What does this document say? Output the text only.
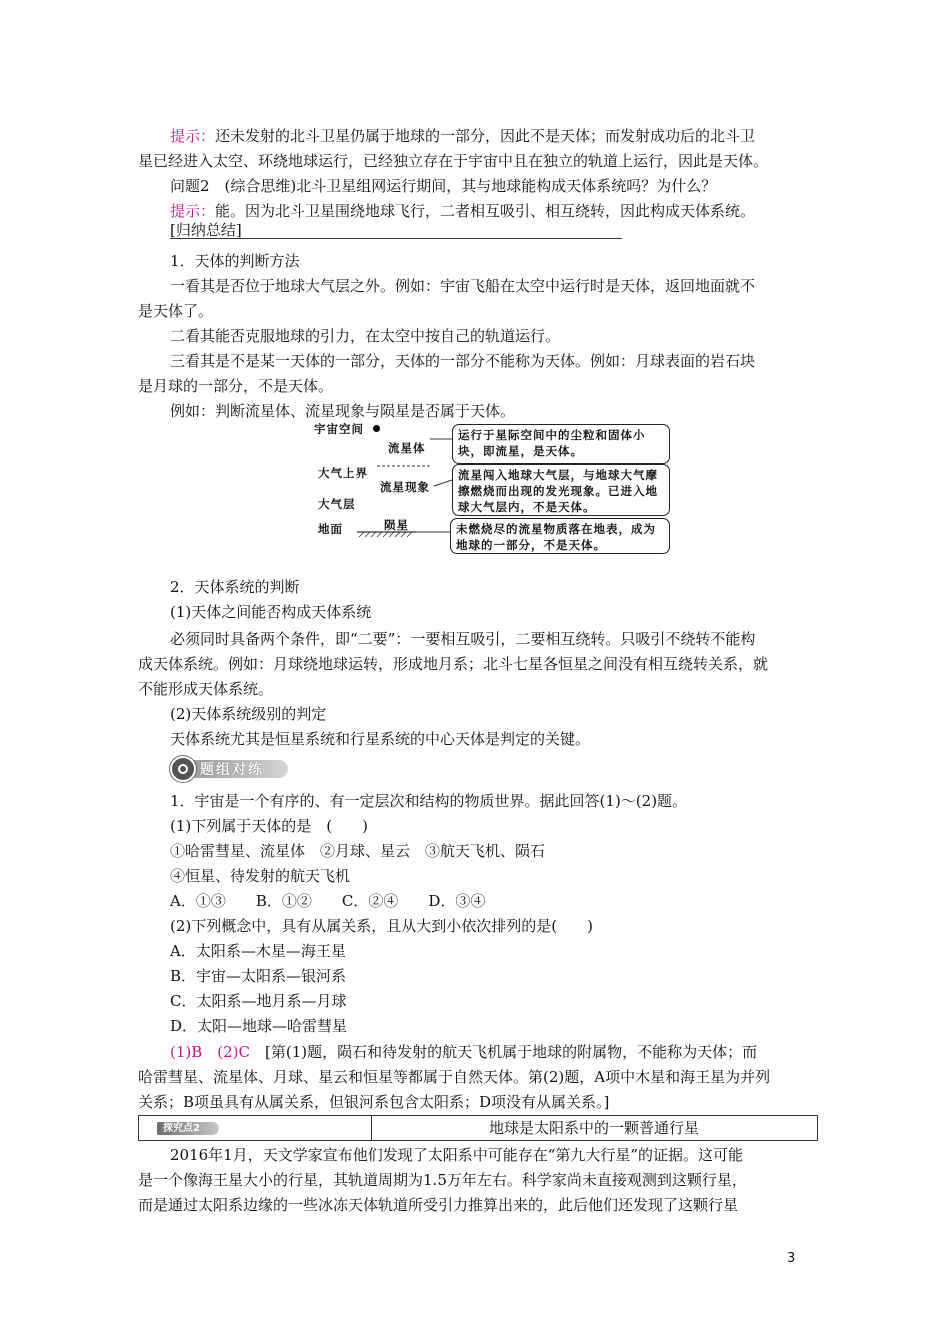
提示：还未发射的北斗卫星仍属于地球的一部分，因此不是天体；而发射成功后的北斗卫
星已经进入太空、环绕地球运行，已经独立存在于宇宙中且在独立的轨道上运行，因此是天体。
问题2　(综合思维)北斗卫星组网运行期间，其与地球能构成天体系统吗？为什么？
提示：能。因为北斗卫星围绕地球飞行，二者相互吸引、相互绕转，因此构成天体系统。
[归纳总结]
1．天体的判断方法
一看其是否位于地球大气层之外。例如：宇宙飞船在太空中运行时是天体，返回地面就不
是天体了。
二看其能否克服地球的引力，在太空中按自己的轨道运行。
三看其是不是某一天体的一部分，天体的一部分不能称为天体。例如：月球表面的岩石块
是月球的一部分，不是天体。
例如：判断流星体、流星现象与陨星是否属于天体。
宇宙空间
流星体
大气上界
流星现象
大气层
陨星
地面
运行于星际空间中的尘粒和固体小块，即流星，是天体。
流星闯入地球大气层，与地球大气摩擦燃烧而出现的发光现象。已进入地球大气层内，不是天体。
未燃烧尽的流星物质落在地表，成为地球的一部分，不是天体。
2．天体系统的判断
(1)天体之间能否构成天体系统
必须同时具备两个条件，即“二要”：一要相互吸引，二要相互绕转。只吸引不绕转不能构
成天体系统。例如：月球绕地球运转，形成地月系；北斗七星各恒星之间没有相互绕转关系，就
不能形成天体系统。
(2)天体系统级别的判定
天体系统尤其是恒星系统和行星系统的中心天体是判定的关键。
题组对练
1．宇宙是一个有序的、有一定层次和结构的物质世界。据此回答(1)～(2)题。
(1)下列属于天体的是　(　　)
①哈雷彗星、流星体　②月球、星云　③航天飞机、陨石
④恒星、待发射的航天飞机
A．①③　　B．①②　　C．②④　　D．③④
(2)下列概念中，具有从属关系，且从大到小依次排列的是(　　)
A．太阳系—木星—海王星
B．宇宙—太阳系—银河系
C．太阳系—地月系—月球
D．太阳—地球—哈雷彗星
(1)B　(2)C　[第(1)题，陨石和待发射的航天飞机属于地球的附属物，不能称为天体；而
哈雷彗星、流星体、月球、星云和恒星等都属于自然天体。第(2)题，A项中木星和海王星为并列
关系；B项虽具有从属关系，但银河系包含太阳系；D项没有从属关系。]
探究点2	地球是太阳系中的一颗普通行星
2016年1月，天文学家宣布他们发现了太阳系中可能存在“第九大行星”的证据。这可能
是一个像海王星大小的行星，其轨道周期为1.5万年左右。科学家尚未直接观测到这颗行星，
而是通过太阳系边缘的一些冰冻天体轨道所受引力推算出来的，此后他们还发现了这颗行星
3
